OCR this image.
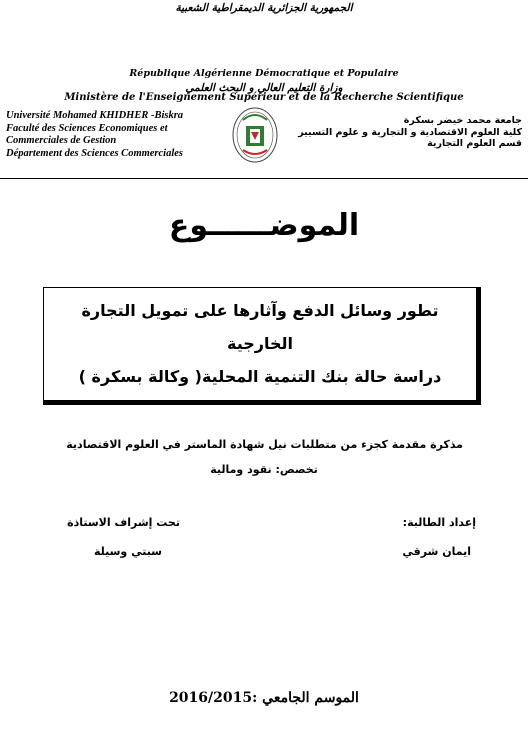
الجمهورية الجزائرية الديمقراطية الشعبية
République Algérienne Démocratique et Populaire
وزارة التعليم العالي و البحث العلمي
Ministère de l'Enseignement Supérieur et de la Recherche Scientifique
Université Mohamed KHIDHER -Biskra
Faculté des Sciences Economiques et
Commerciales de Gestion
Département des Sciences Commerciales
جامعة محمد خيضر بسكرة
كلية العلوم الاقتصادية و التجارية و علوم التسيير
قسم العلوم التجارية
الموضــــــوع
تطور وسائل الدفع وآثارها على تمويل التجارة
الخارجية
دراسة حالة بنك التنمية المحلية( وكالة بسكرة )
مذكرة مقدمة كجزء من متطلبات نيل شهادة الماستر في العلوم الاقتصادية
تخصص: نقود ومالية
إعداد الطالبة:
ايمان شرقي
تحت إشراف الاستاذة
سبتي وسيلة
الموسم الجامعي :2016/2015
